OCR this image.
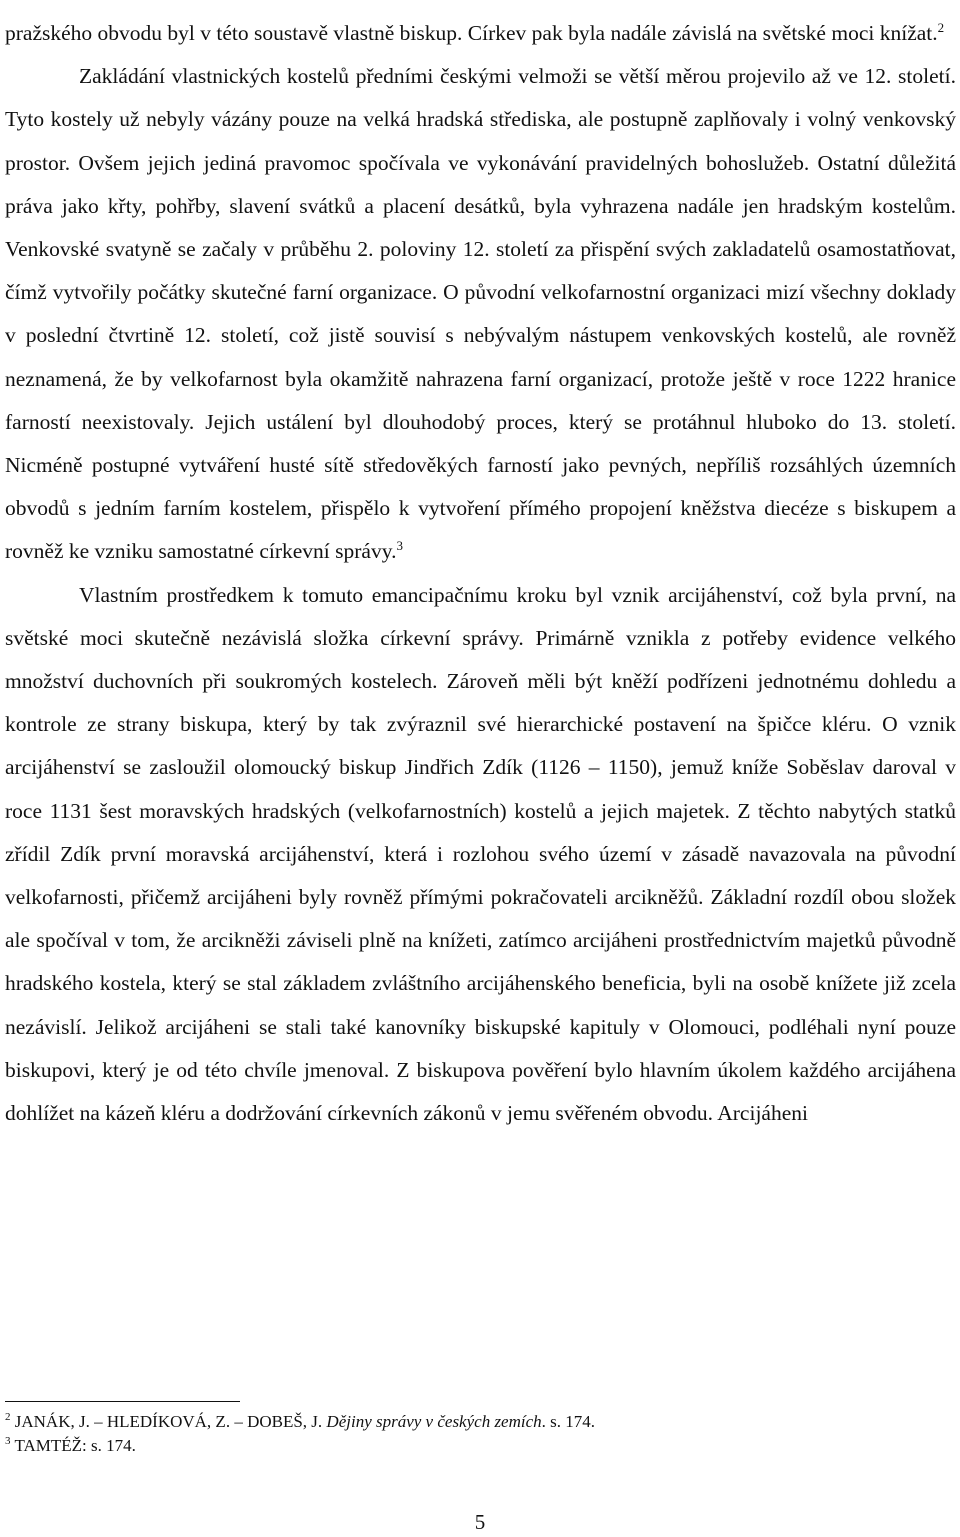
pražského obvodu byl v této soustavě vlastně biskup. Církev pak byla nadále závislá na světské moci knížat.$^2$

Zakládání vlastnických kostelů předními českými velmoži se větší měrou projevilo až ve 12. století. Tyto kostely už nebyly vázány pouze na velká hradská střediska, ale postupně zaplňovaly i volný venkovský prostor. Ovšem jejich jediná pravomoc spočívala ve vykonávání pravidelných bohoslužeb. Ostatní důležitá práva jako křty, pohřby, slavení svátků a placení desátků, byla vyhrazena nadále jen hradským kostelům. Venkovské svatyně se začaly v průběhu 2. poloviny 12. století za přispění svých zakladatelů osamostatňovat, čímž vytvořily počátky skutečné farní organizace. O původní velkofarnostní organizaci mizí všechny doklady v poslední čtvrtině 12. století, což jistě souvisí s nebývalým nástupem venkovských kostelů, ale rovněž neznamená, že by velkofarnost byla okamžitě nahrazena farní organizací, protože ještě v roce 1222 hranice farností neexistovaly. Jejich ustálení byl dlouhodobý proces, který se protáhnul hluboko do 13. století. Nicméně postupné vytváření husté sítě středověkých farností jako pevných, nepříliš rozsáhlých územních obvodů s jedním farním kostelem, přispělo k vytvoření přímého propojení kněžstva diecéze s biskupem a rovněž ke vzniku samostatné církevní správy.$^3$

Vlastním prostředkem k tomuto emancipačnímu kroku byl vznik arcijáhenství, což byla první, na světské moci skutečně nezávislá složka církevní správy. Primárně vznikla z potřeby evidence velkého množství duchovních při soukromých kostelech. Zároveň měli být kněží podřízeni jednotnému dohledu a kontrole ze strany biskupa, který by tak zvýraznil své hierarchické postavení na špičce kléru. O vznik arcijáhenství se zasloužil olomoucký biskup Jindřich Zdík (1126 – 1150), jemuž kníže Soběslav daroval v roce 1131 šest moravských hradských (velkofarnostních) kostelů a jejich majetek. Z těchto nabytých statků zřídil Zdík první moravská arcijáhenství, která i rozlohou svého území v zásadě navazovala na původní velkofarnosti, přičemž arcijáheni byly rovněž přímými pokračovateli arcikněžů. Základní rozdíl obou složek ale spočíval v tom, že arcikněži záviseli plně na knížeti, zatímco arcijáheni prostřednictvím majetků původně hradského kostela, který se stal základem zvláštního arcijáhenského beneficia, byli na osobě knížete již zcela nezávislí. Jelikož arcijáheni se stali také kanovníky biskupské kapituly v Olomouci, podléhali nyní pouze biskupovi, který je od této chvíle jmenoval. Z biskupova pověření bylo hlavním úkolem každého arcijáhena dohlížet na kázeň kléru a dodržování církevních zákonů v jemu svěřeném obvodu. Arcijáheni

$^2$ JANÁK, J. – HLEDÍKOVÁ, Z. – DOBEŠ, J. Dějiny správy v českých zemích. s. 174.

$^3$ TAMTÉŽ: s. 174.

5
